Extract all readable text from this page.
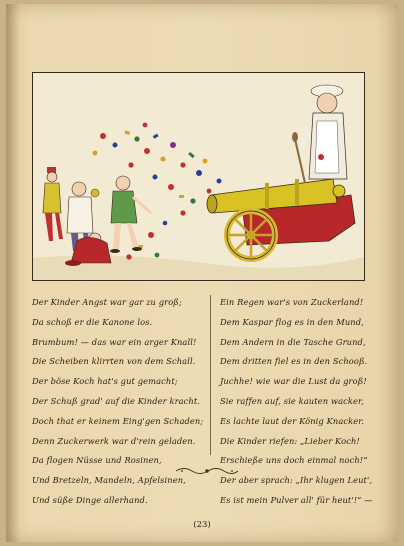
Der Kinder Angst war gar zu groß;
Da schoß er die Kanone los.
Brumbum! — das war ein arger Knall!
Die Scheiben klirrten von dem Schall.
Der böse Koch hat's gut gemacht;
Der Schuß grad' auf die Kinder kracht.
Doch that er keinem Eing'gen Schaden;
Denn Zuckerwerk war d'rein geladen.
Da flogen Nüsse und Rosinen,
Und Bretzeln, Mandeln, Apfelsinen,
Und süße Dinge allerhand.
Ein Regen war's von Zuckerland!
Dem Kaspar flog es in den Mund,
Dem Andern in die Tasche Grund,
Dem dritten fiel es in den Schooß.
Juchhe! wie war die Lust da groß!
Sie raffen auf, sie kauten wacker,
Es lachte laut der König Knacker.
Die Kinder riefen: „Lieber Koch!
Erschieße uns doch einmal noch!“
Der aber sprach: „Ihr klugen Leut',
Es ist mein Pulver all' für heut'!“ —
(23)
